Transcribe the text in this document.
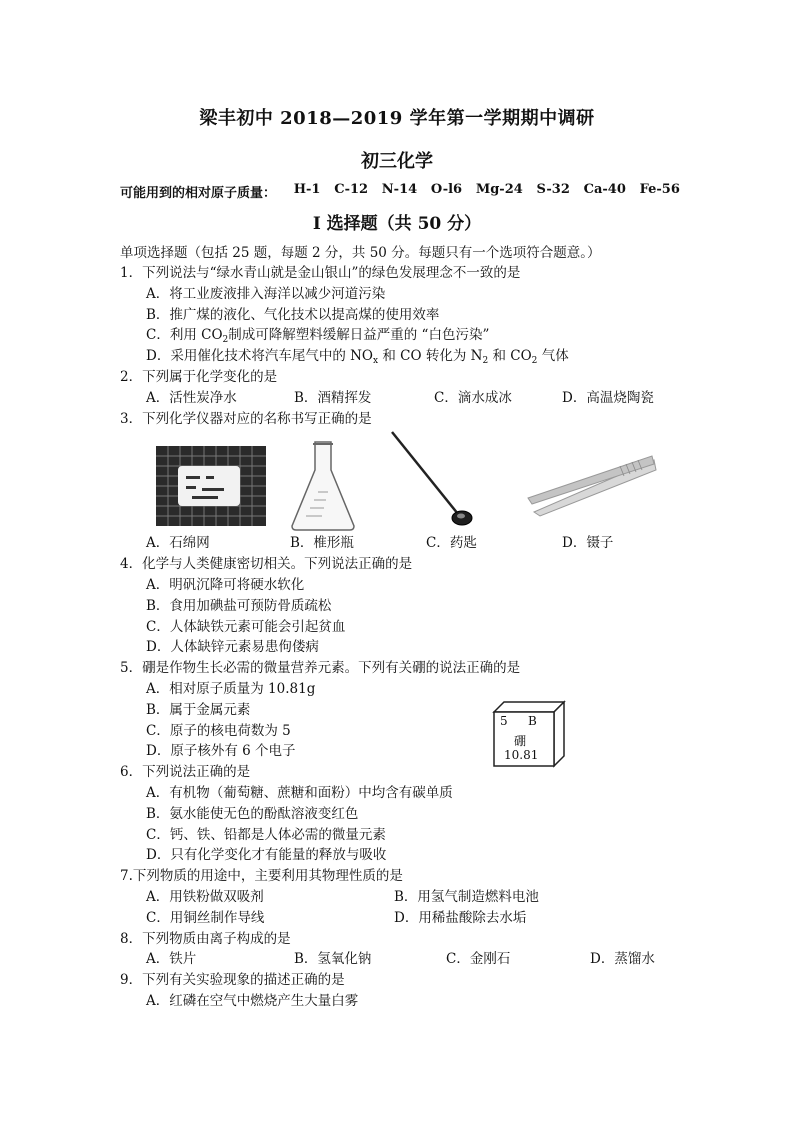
梁丰初中 2018—2019 学年第一学期期中调研
初三化学
可能用到的相对原子质量： H-1 C-12 N-14 O-l6 Mg-24 S-32 Ca-40 Fe-56
Ⅰ 选择题（共 50 分）
单项选择题（包括 25 题，每题 2 分，共 50 分。每题只有一个选项符合题意。）
1．下列说法与“绿水青山就是金山银山”的绿色发展理念不一致的是
A．将工业废液排入海洋以减少河道污染
B．推广煤的液化、气化技术以提高煤的使用效率
C．利用 $CO_2$制成可降解塑料缓解日益严重的 “白色污染”
D．采用催化技术将汽车尾气中的 $NO_x$ 和 CO 转化为 $N_2$ 和 $CO_2$ 气体
2．下列属于化学变化的是
A．活性炭净水	B．酒精挥发	C．滴水成冰	D．高温烧陶瓷
3．下列化学仪器对应的名称书写正确的是
A．石绵网	B．椎形瓶	C．药匙	D．镊子
4．化学与人类健康密切相关。下列说法正确的是
A．明矾沉降可将硬水软化
B．食用加碘盐可预防骨质疏松
C．人体缺铁元素可能会引起贫血
D．人体缺锌元素易患佝偻病
5．硼是作物生长必需的微量营养元素。下列有关硼的说法正确的是
A．相对原子质量为 10.81g
B．属于金属元素
C．原子的核电荷数为 5
D．原子核外有 6 个电子
5 B
硼
10.81
6．下列说法正确的是
A．有机物（葡萄糖、蔗糖和面粉）中均含有碳单质
B．氨水能使无色的酚酞溶液变红色
C．钙、铁、铅都是人体必需的微量元素
D．只有化学变化才有能量的释放与吸收
7.下列物质的用途中，主要利用其物理性质的是
A．用铁粉做双吸剂	B．用氢气制造燃料电池
C．用铜丝制作导线	D．用稀盐酸除去水垢
8．下列物质由离子构成的是
A．铁片	B．氢氧化钠	C．金刚石	D．蒸馏水
9．下列有关实验现象的描述正确的是
A．红磷在空气中燃烧产生大量白雾
